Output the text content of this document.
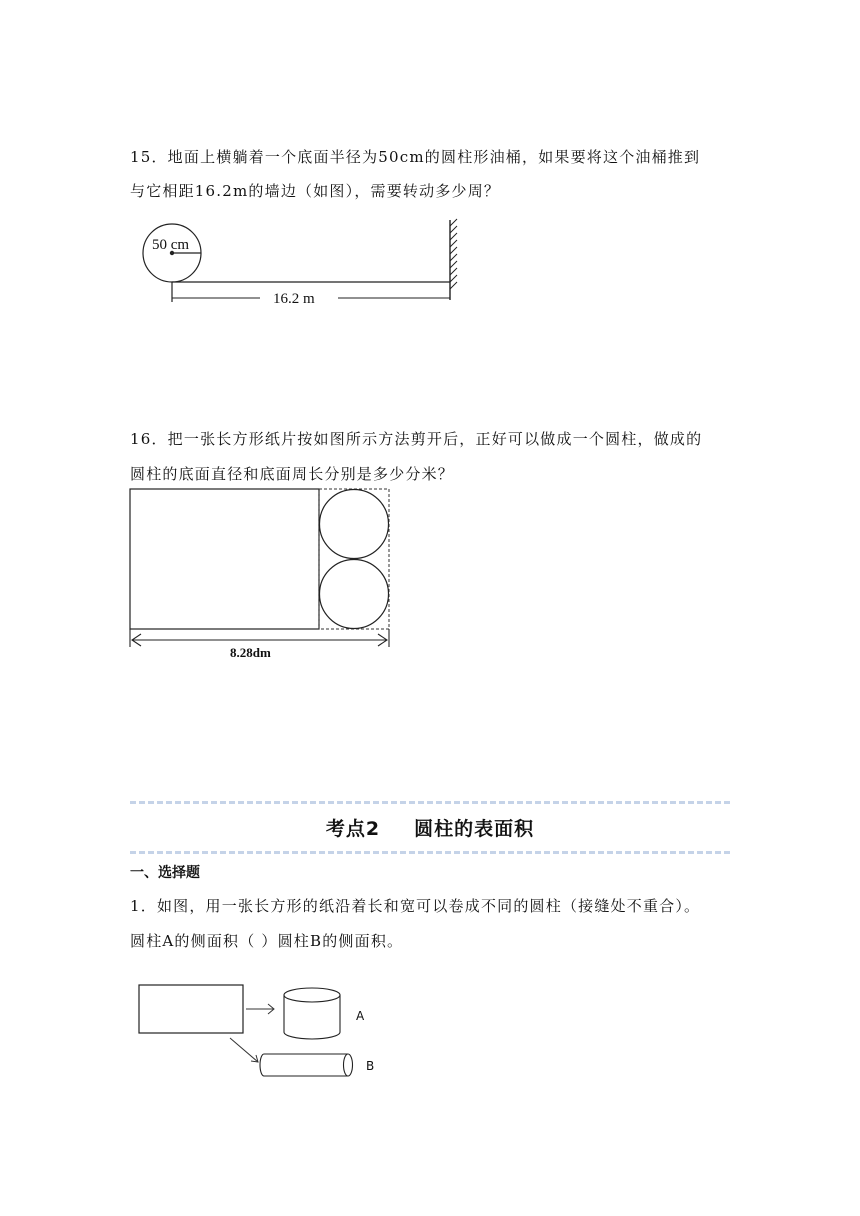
15．地面上横躺着一个底面半径为50cm的圆柱形油桶，如果要将这个油桶推到
与它相距16.2m的墙边（如图），需要转动多少周？
50 cm
16.2 m
16．把一张长方形纸片按如图所示方法剪开后，正好可以做成一个圆柱，做成的
圆柱的底面直径和底面周长分别是多少分米？
8.28dm
考点2 圆柱的表面积
一、选择题
1．如图，用一张长方形的纸沿着长和宽可以卷成不同的圆柱（接缝处不重合）。
圆柱A的侧面积（ ）圆柱B的侧面积。
A
B
